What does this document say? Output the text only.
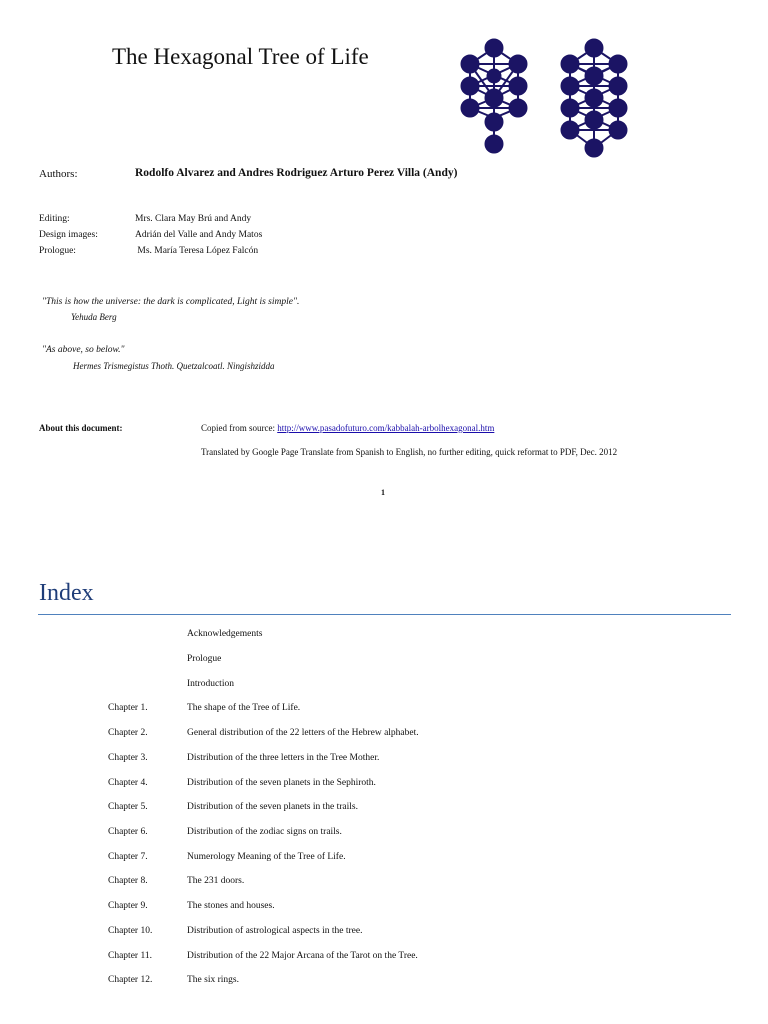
The Hexagonal Tree of Life
Authors:	Rodolfo Alvarez and Andres Rodriguez Arturo Perez Villa (Andy)
Editing:	Mrs. Clara May Brú and Andy
Design images:	Adrián del Valle and Andy Matos
Prologue:	Ms. María Teresa López Falcón
"This is how the universe: the dark is complicated, Light is simple".
Yehuda Berg
"As above, so below."
Hermes Trismegistus Thoth. Quetzalcoatl. Ningishzidda
About this document:	Copied from source: http://www.pasadofuturo.com/kabbalah-arbolhexagonal.htm
Translated by Google Page Translate from Spanish to English, no further editing, quick reformat to PDF, Dec. 2012
1
Index
Acknowledgements
Prologue
Introduction
Chapter 1.	The shape of the Tree of Life.
Chapter 2.	General distribution of the 22 letters of the Hebrew alphabet.
Chapter 3.	Distribution of the three letters in the Tree Mother.
Chapter 4.	Distribution of the seven planets in the Sephiroth.
Chapter 5.	Distribution of the seven planets in the trails.
Chapter 6.	Distribution of the zodiac signs on trails.
Chapter 7.	Numerology Meaning of the Tree of Life.
Chapter 8.	The 231 doors.
Chapter 9.	The stones and houses.
Chapter 10.	Distribution of astrological aspects in the tree.
Chapter 11.	Distribution of the 22 Major Arcana of the Tarot on the Tree.
Chapter 12.	The six rings.
